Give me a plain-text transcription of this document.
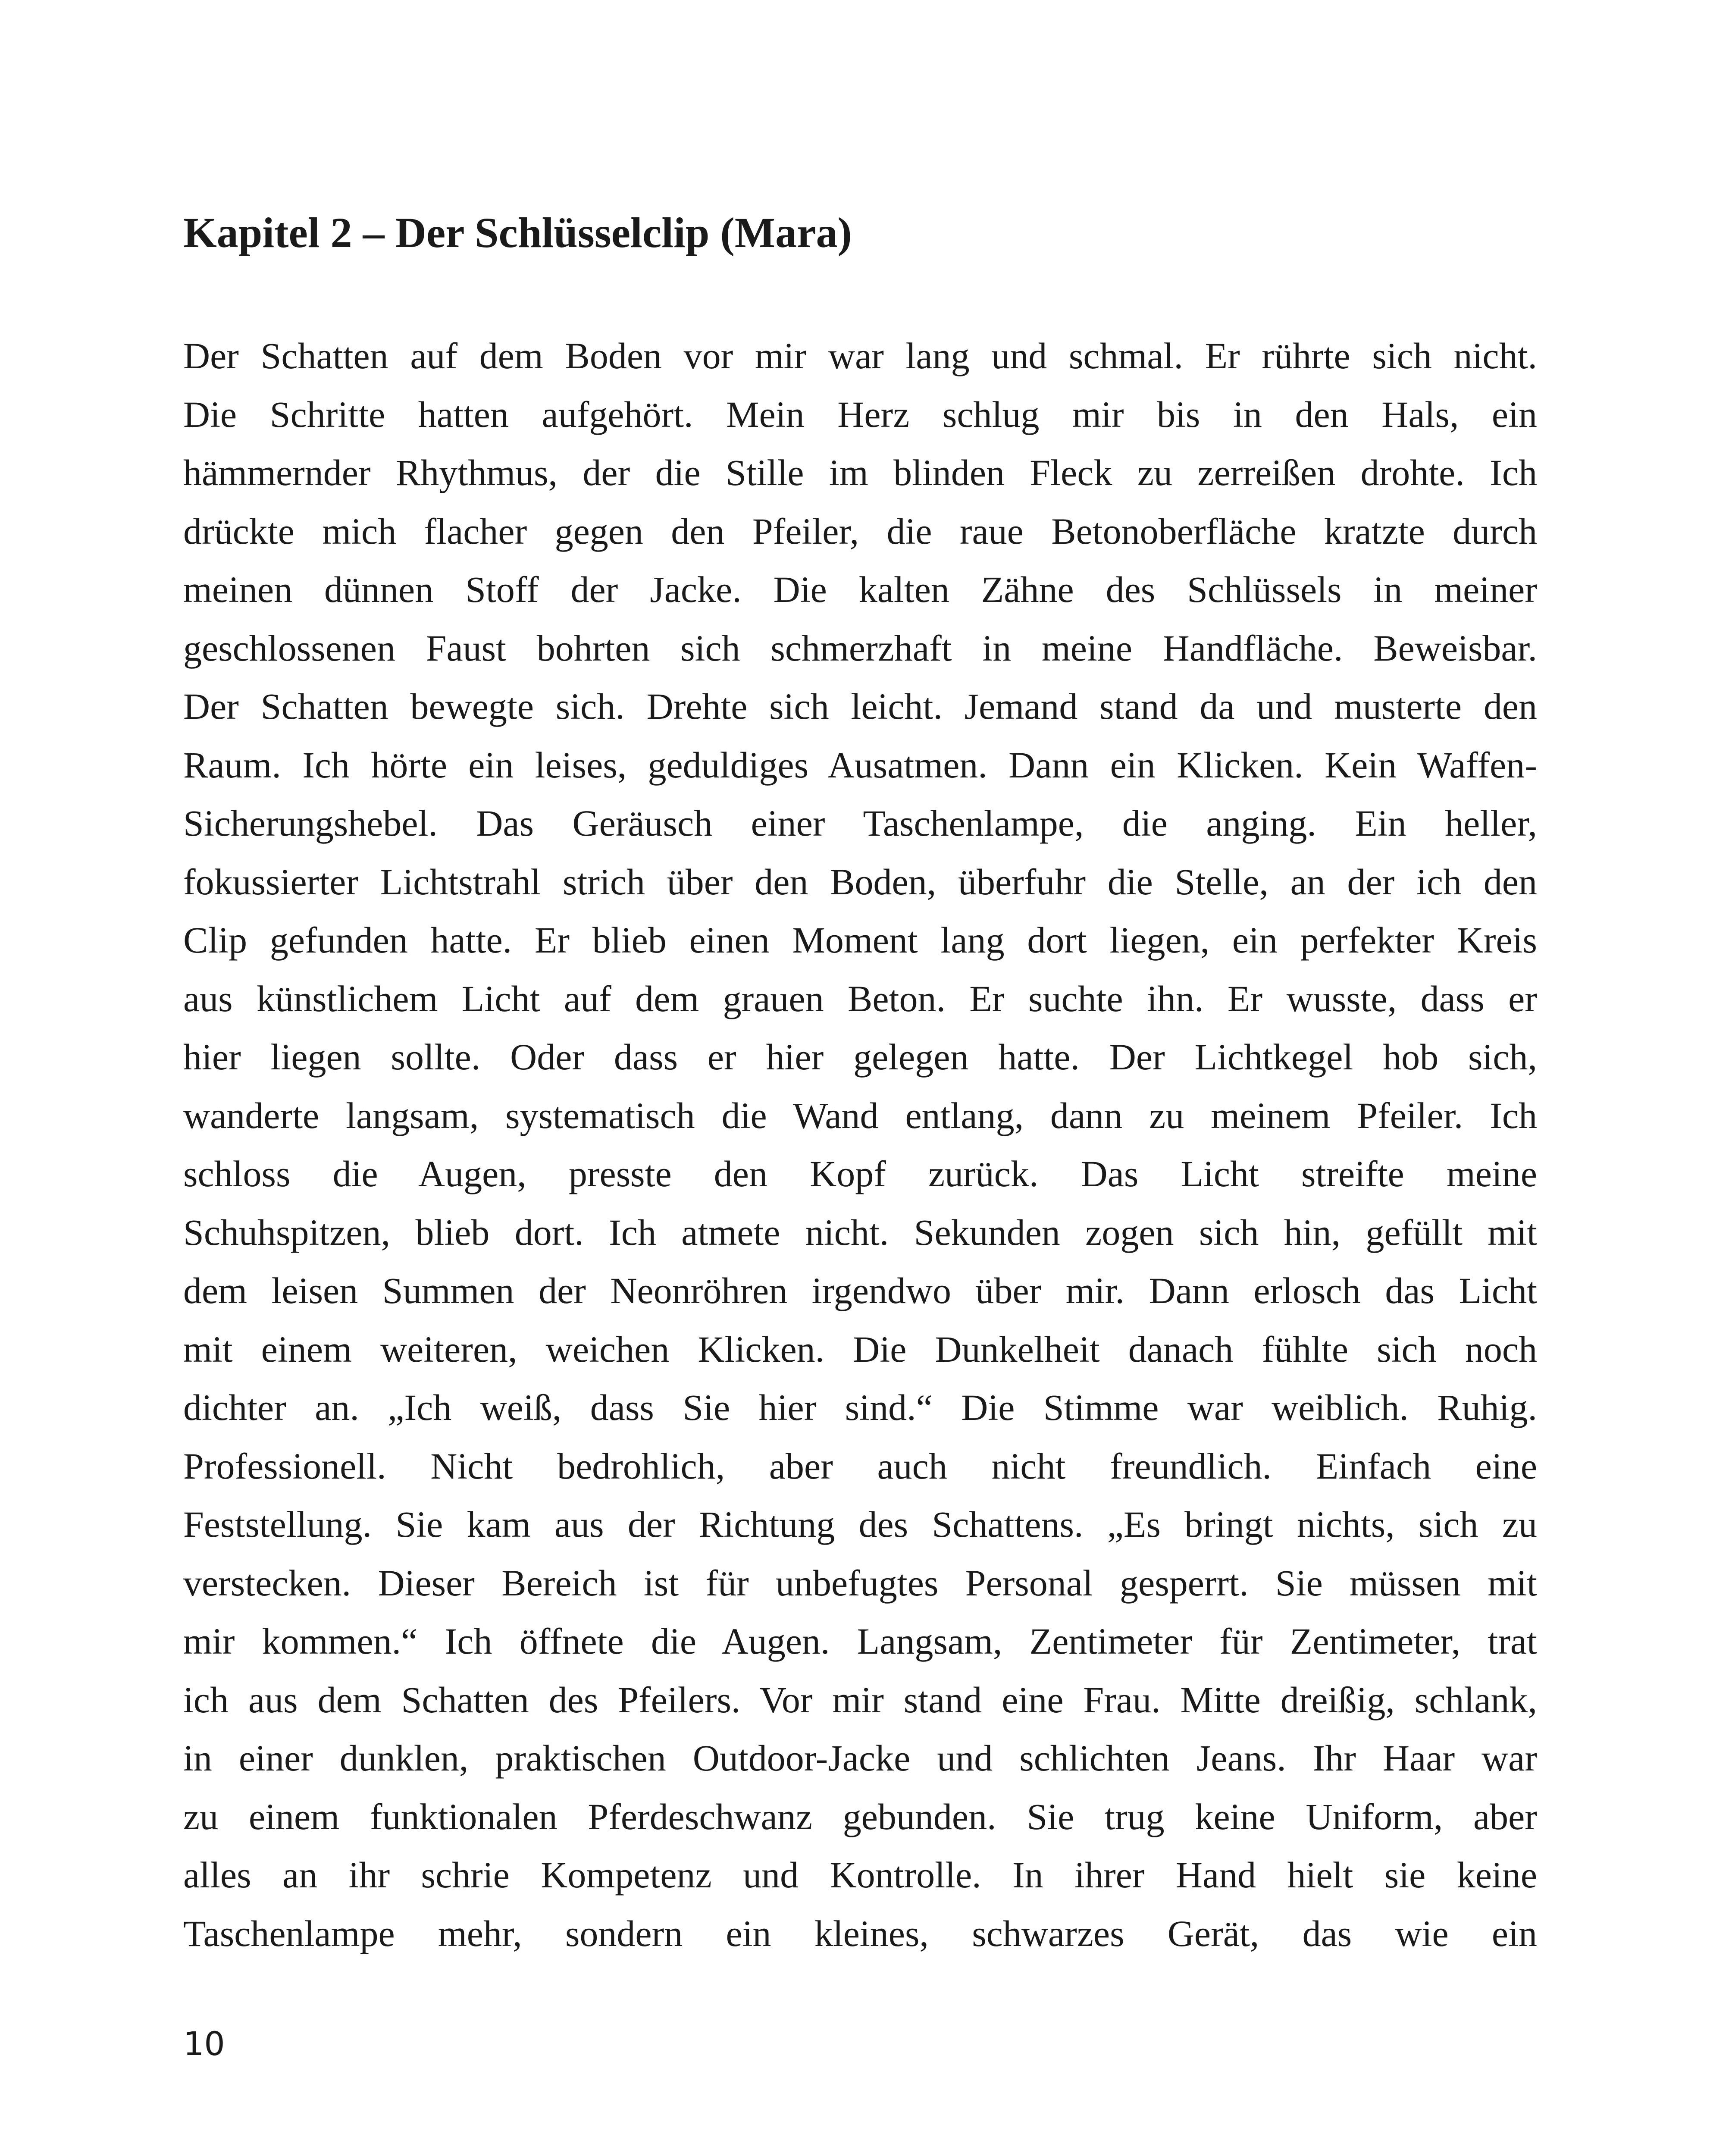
Kapitel 2 – Der Schlüsselclip (Mara)
Der Schatten auf dem Boden vor mir war lang und schmal. Er rührte sich nicht.
Die Schritte hatten aufgehört. Mein Herz schlug mir bis in den Hals, ein
hämmernder Rhythmus, der die Stille im blinden Fleck zu zerreißen drohte. Ich
drückte mich flacher gegen den Pfeiler, die raue Betonoberfläche kratzte durch
meinen dünnen Stoff der Jacke. Die kalten Zähne des Schlüssels in meiner
geschlossenen Faust bohrten sich schmerzhaft in meine Handfläche. Beweisbar.
Der Schatten bewegte sich. Drehte sich leicht. Jemand stand da und musterte den
Raum. Ich hörte ein leises, geduldiges Ausatmen. Dann ein Klicken. Kein Waffen-
Sicherungshebel. Das Geräusch einer Taschenlampe, die anging. Ein heller,
fokussierter Lichtstrahl strich über den Boden, überfuhr die Stelle, an der ich den
Clip gefunden hatte. Er blieb einen Moment lang dort liegen, ein perfekter Kreis
aus künstlichem Licht auf dem grauen Beton. Er suchte ihn. Er wusste, dass er
hier liegen sollte. Oder dass er hier gelegen hatte. Der Lichtkegel hob sich,
wanderte langsam, systematisch die Wand entlang, dann zu meinem Pfeiler. Ich
schloss die Augen, presste den Kopf zurück. Das Licht streifte meine
Schuhspitzen, blieb dort. Ich atmete nicht. Sekunden zogen sich hin, gefüllt mit
dem leisen Summen der Neonröhren irgendwo über mir. Dann erlosch das Licht
mit einem weiteren, weichen Klicken. Die Dunkelheit danach fühlte sich noch
dichter an. „Ich weiß, dass Sie hier sind.“ Die Stimme war weiblich. Ruhig.
Professionell. Nicht bedrohlich, aber auch nicht freundlich. Einfach eine
Feststellung. Sie kam aus der Richtung des Schattens. „Es bringt nichts, sich zu
verstecken. Dieser Bereich ist für unbefugtes Personal gesperrt. Sie müssen mit
mir kommen.“ Ich öffnete die Augen. Langsam, Zentimeter für Zentimeter, trat
ich aus dem Schatten des Pfeilers. Vor mir stand eine Frau. Mitte dreißig, schlank,
in einer dunklen, praktischen Outdoor-Jacke und schlichten Jeans. Ihr Haar war
zu einem funktionalen Pferdeschwanz gebunden. Sie trug keine Uniform, aber
alles an ihr schrie Kompetenz und Kontrolle. In ihrer Hand hielt sie keine
Taschenlampe mehr, sondern ein kleines, schwarzes Gerät, das wie ein
10
